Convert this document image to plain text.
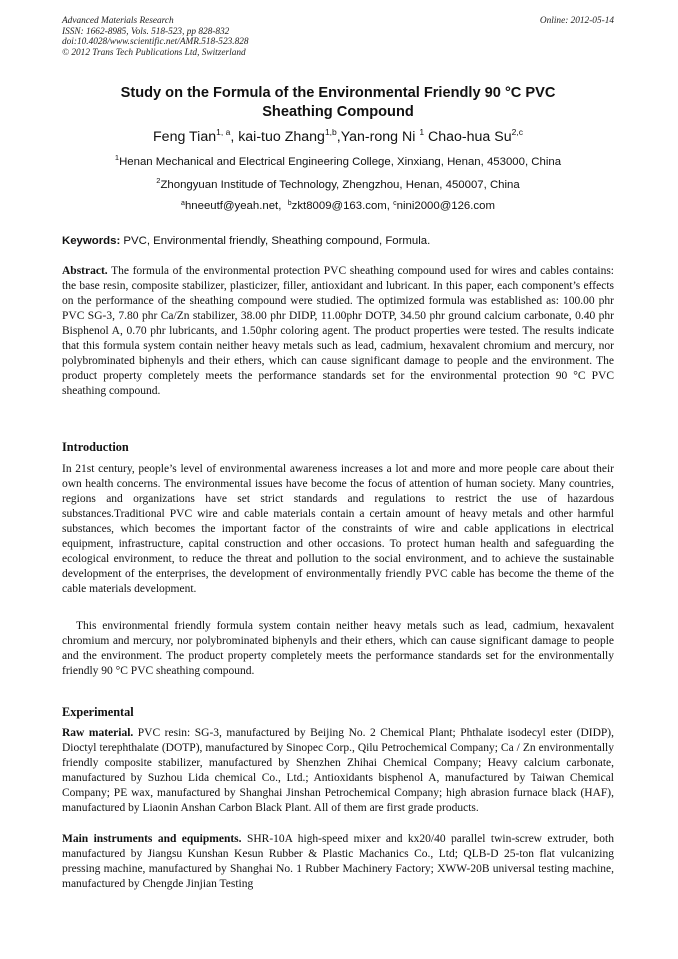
Advanced Materials Research
ISSN: 1662-8985, Vols. 518-523, pp 828-832
doi:10.4028/www.scientific.net/AMR.518-523.828
© 2012 Trans Tech Publications Ltd, Switzerland
Online: 2012-05-14
Study on the Formula of the Environmental Friendly 90 °C PVC
Sheathing Compound
Feng Tian$^{1, a}$, kai-tuo Zhang$^{1,b}$,Yan-rong Ni $^1$ Chao-hua Su$^{2,c}$
$^1$Henan Mechanical and Electrical Engineering College, Xinxiang, Henan, 453000, China
$^2$Zhongyuan Institude of Technology, Zhengzhou, Henan, 450007, China
$^a$hneeutf@yeah.net, $^b$zkt8009@163.com, $^c$nini2000@126.com
Keywords: PVC, Environmental friendly, Sheathing compound, Formula.
Abstract. The formula of the environmental protection PVC sheathing compound used for wires and cables contains: the base resin, composite stabilizer, plasticizer, filler, antioxidant and lubricant. In this paper, each component’s effects on the performance of the sheathing compound were studied. The optimized formula was established as: 100.00 phr PVC SG-3, 7.80 phr Ca/Zn stabilizer, 38.00 phr DIDP, 11.00phr DOTP, 34.50 phr ground calcium carbonate, 0.40 phr Bisphenol A, 0.70 phr lubricants, and 1.50phr coloring agent. The product properties were tested. The results indicate that this formula system contain neither heavy metals such as lead, cadmium, hexavalent chromium and mercury, nor polybrominated biphenyls and their ethers, which can cause significant damage to people and the environment. The product property completely meets the performance standards set for the environmental protection 90 °C PVC sheathing compound.
Introduction
In 21st century, people’s level of environmental awareness increases a lot and more and more people care about their own health concerns. The environmental issues have become the focus of attention of human society. Many countries, regions and organizations have set strict standards and regulations to restrict the use of hazardous substances.Traditional PVC wire and cable materials contain a certain amount of heavy metals and other harmful substances, which becomes the important factor of the constraints of wire and cable applications in electrical equipment, infrastructure, capital construction and other occasions. To protect human health and safeguarding the ecological environment, to reduce the threat and pollution to the social environment, and to achieve the sustainable development of the enterprises, the development of environmentally friendly PVC cable has become the theme of the cable materials development.
This environmental friendly formula system contain neither heavy metals such as lead, cadmium, hexavalent chromium and mercury, nor polybrominated biphenyls and their ethers, which can cause significant damage to people and the environment. The product property completely meets the performance standards set for the environmentally friendly 90 °C PVC sheathing compound.
Experimental
Raw material. PVC resin: SG-3, manufactured by Beijing No. 2 Chemical Plant; Phthalate isodecyl ester (DIDP), Dioctyl terephthalate (DOTP), manufactured by Sinopec Corp., Qilu Petrochemical Company; Ca / Zn environmentally friendly composite stabilizer, manufactured by Shenzhen Zhihai Chemical Company; Heavy calcium carbonate, manufactured by Suzhou Lida chemical Co., Ltd.; Antioxidants bisphenol A, manufactured by Taiwan Chemical Company; PE wax, manufactured by Shanghai Jinshan Petrochemical Company; high abrasion furnace black (HAF), manufactured by Liaonin Anshan Carbon Black Plant. All of them are first grade products.
Main instruments and equipments. SHR-10A high-speed mixer and kx20/40 parallel twin-screw extruder, both manufactured by Jiangsu Kunshan Kesun Rubber & Plastic Machanics Co., Ltd; QLB-D 25-ton flat vulcanizing pressing machine, manufactured by Shanghai No. 1 Rubber Machinery Factory; XWW-20B universal testing machine, manufactured by Chengde Jinjian Testing
